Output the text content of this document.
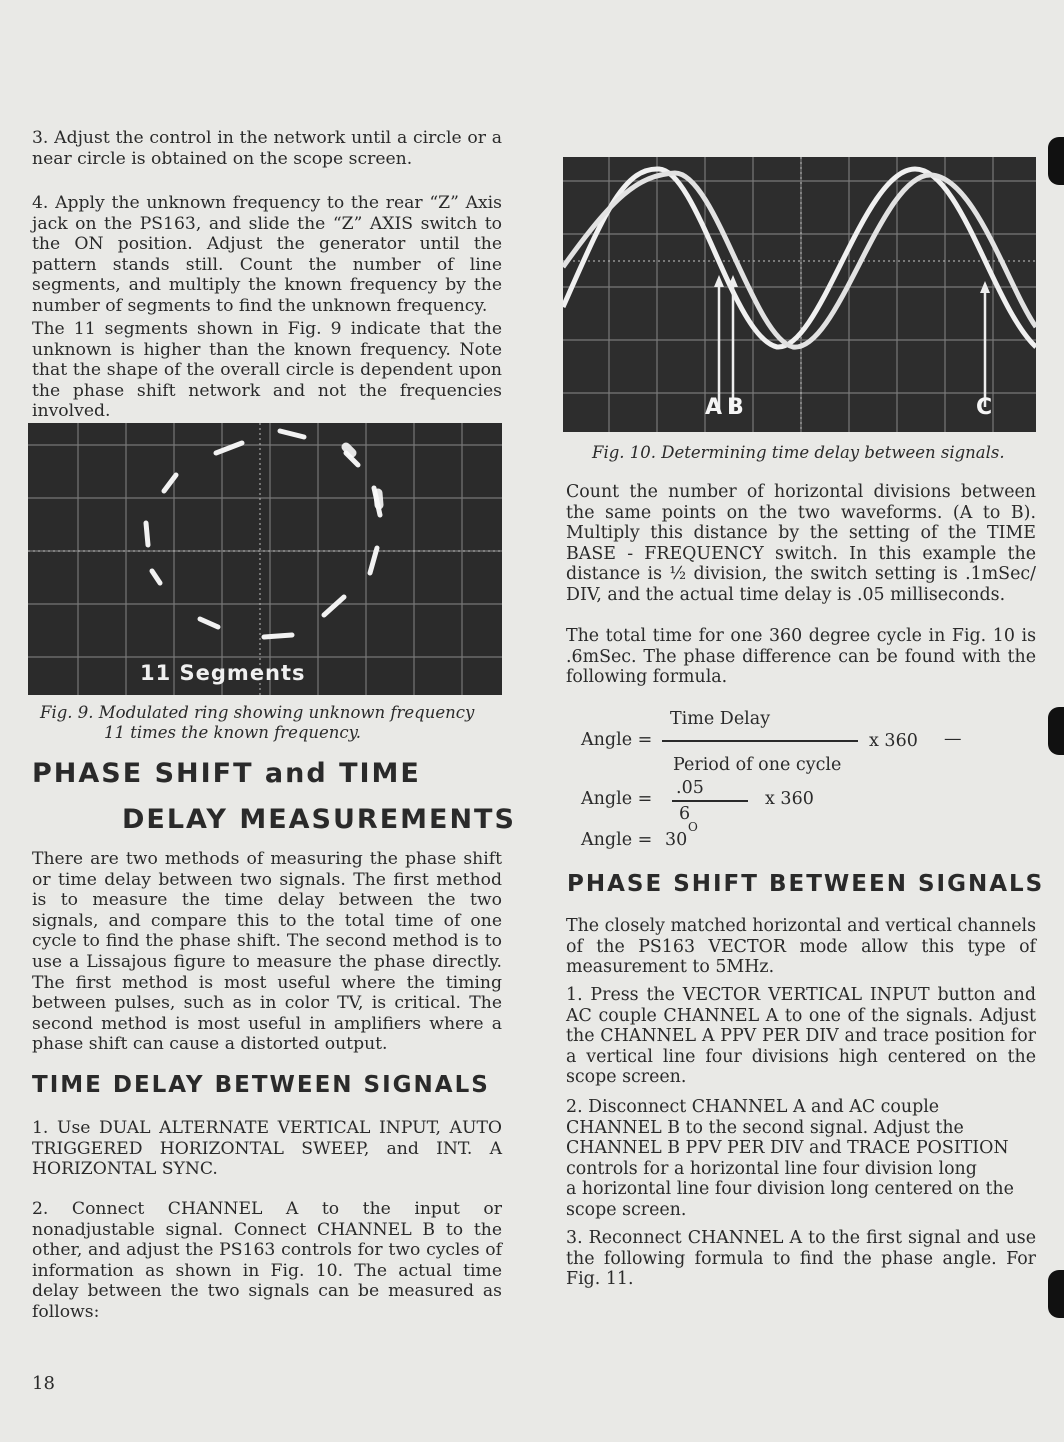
3. Adjust the control in the network until a circle or a near circle is obtained on the scope screen.

4. Apply the unknown frequency to the rear “Z” Axis jack on the PS163, and slide the “Z” AXIS switch to the ON position. Adjust the generator until the pattern stands still. Count the number of line segments, and multiply the known frequency by the number of segments to find the unknown frequency.

The 11 segments shown in Fig. 9 indicate that the unknown is higher than the known frequency. Note that the shape of the overall circle is dependent upon the phase shift network and not the frequencies involved.

11 Segments

Fig. 9. Modulated ring showing unknown frequency

11 times the known frequency.

PHASE SHIFT and TIME
DELAY MEASUREMENTS

There are two methods of measuring the phase shift or time delay between two signals. The first method is to measure the time delay between the two signals, and compare this to the total time of one cycle to find the phase shift. The second method is to use a Lissajous figure to measure the phase directly. The first method is most useful where the timing between pulses, such as in color TV, is critical. The second method is most useful in amplifiers where a phase shift can cause a distorted output.

TIME DELAY BETWEEN SIGNALS

1. Use DUAL ALTERNATE VERTICAL INPUT, AUTO TRIGGERED HORIZONTAL SWEEP, and INT. A HORIZONTAL SYNC.

2. Connect CHANNEL A to the input or nonadjustable signal. Connect CHANNEL B to the other, and adjust the PS163 controls for two cycles of information as shown in Fig. 10. The actual time delay between the two signals can be measured as follows:

18
A B	C

Fig. 10. Determining time delay between signals.

Count the number of horizontal divisions between the same points on the two waveforms. (A to B). Multiply this distance by the setting of the TIME BASE - FREQUENCY switch. In this example the distance is ½ division, the switch setting is .1mSec/ DIV, and the actual time delay is .05 milliseconds.

The total time for one 360 degree cycle in Fig. 10 is .6mSec. The phase difference can be found with the following formula.

Time Delay
Angle =	x 360 —
Period of one cycle
.05
Angle =	x 360
6
Angle = 30
O
PHASE SHIFT BETWEEN SIGNALS

The closely matched horizontal and vertical channels of the PS163 VECTOR mode allow this type of measurement to 5MHz.

1. Press the VECTOR VERTICAL INPUT button and AC couple CHANNEL A to one of the signals. Adjust the CHANNEL A PPV PER DIV and trace position for a vertical line four divisions high centered on the scope screen.

2. Disconnect CHANNEL A and AC couple CHANNEL B to the second signal. Adjust the CHANNEL B PPV PER DIV and TRACE POSITION controls for a horizontal line four division long
a horizontal line four division long centered on the scope screen.

3. Reconnect CHANNEL A to the first signal and use the following formula to find the phase angle. For Fig. 11.
